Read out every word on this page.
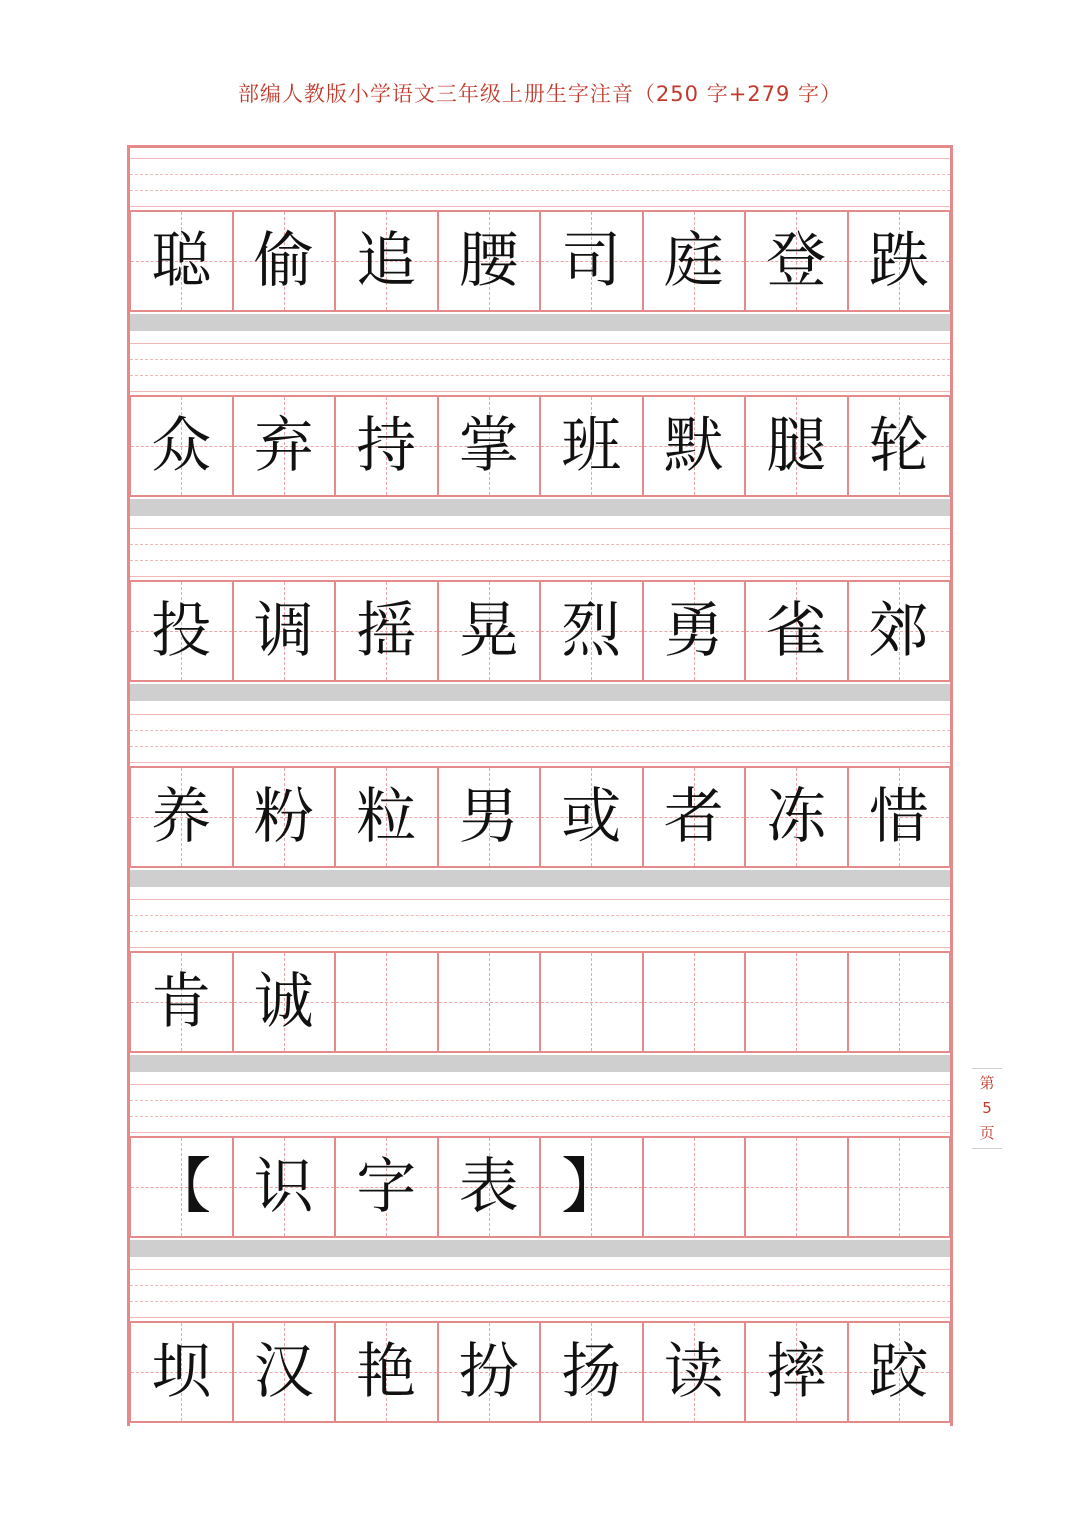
部编人教版小学语文三年级上册生字注音（250 字+279 字）
聪 偷 追 腰 司 庭 登 跌
众 弃 持 掌 班 默 腿 轮
投 调 摇 晃 烈 勇 雀 郊
养 粉 粒 男 或 者 冻 惜
肯 诚
【 识 字 表 】
坝 汉 艳 扮 扬 读 摔 跤
第
5
页
